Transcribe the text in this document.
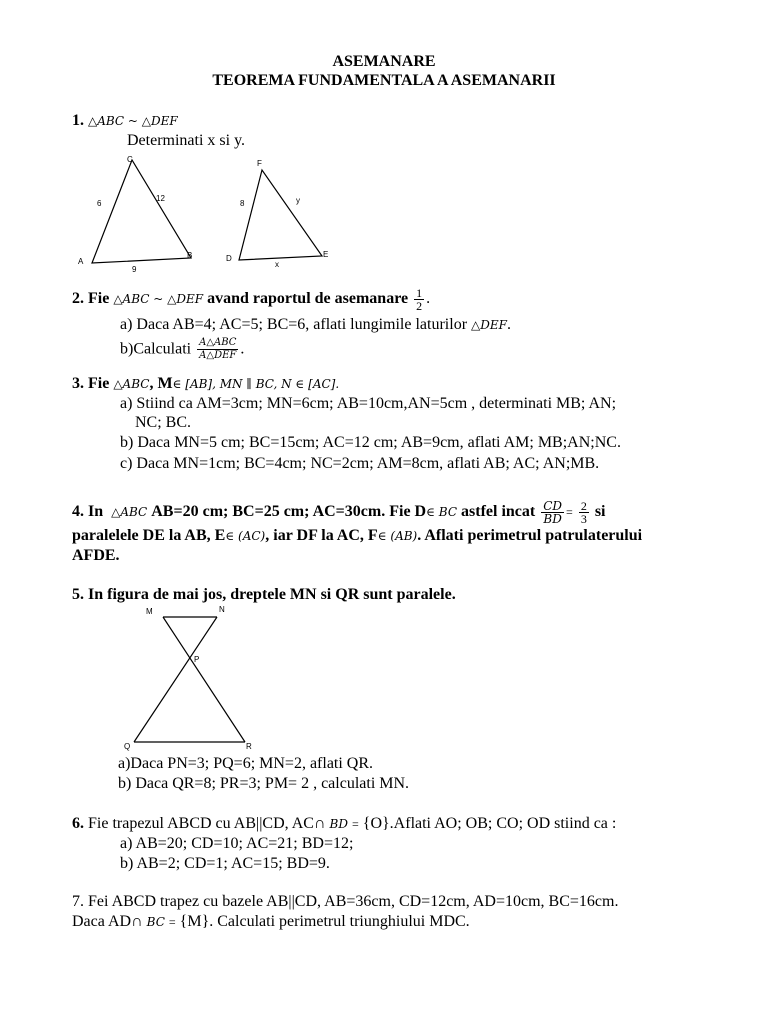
ASEMANARE
TEOREMA FUNDAMENTALA A ASEMANARII
1. △ABC ~ △DEF
Determinati x si y.
A
B
C
6
12
9
D	E
F
8	y
x
2. Fie △ABC ~ △DEF avand raportul de asemanare $\frac{1}{2}$ .
a) Daca AB=4; AC=5; BC=6, aflati lungimile laturilor △DEF.
b)Calculati $\frac{\text{A△ABC}}{\text{A△DEF}}$ .
3. Fie △ABC, M∈ [AB], MN ∥ BC, N ∈ [AC].
a) Stiind ca AM=3cm; MN=6cm; AB=10cm,AN=5cm , determinati MB; AN;
NC; BC.
b) Daca MN=5 cm; BC=15cm; AC=12 cm; AB=9cm, aflati AM; MB;AN;NC.
c) Daca MN=1cm; BC=4cm; NC=2cm; AM=8cm, aflati AB; AC; AN;MB.
4. In △ABC AB=20 cm; BC=25 cm; AC=30cm. Fie D∈ BC astfel incat $\frac{CD}{BD} = \frac{2}{3}$ si
paralelele DE la AB, E∈ (AC), iar DF la AC, F∈ (AB). Aflati perimetrul patrulaterului
AFDE.
5. In figura de mai jos, dreptele MN si QR sunt paralele.
M	N
P
Q	R
a)Daca PN=3; PQ=6; MN=2, aflati QR.
b) Daca QR=8; PR=3; PM= 2 , calculati MN.
6. Fie trapezul ABCD cu AB||CD, AC∩ BD = {O}.Aflati AO; OB; CO; OD stiind ca :
a) AB=20; CD=10; AC=21; BD=12;
b) AB=2; CD=1; AC=15; BD=9.
7. Fei ABCD trapez cu bazele AB||CD, AB=36cm, CD=12cm, AD=10cm, BC=16cm.
Daca AD∩ BC = {M}. Calculati perimetrul triunghiului MDC.
